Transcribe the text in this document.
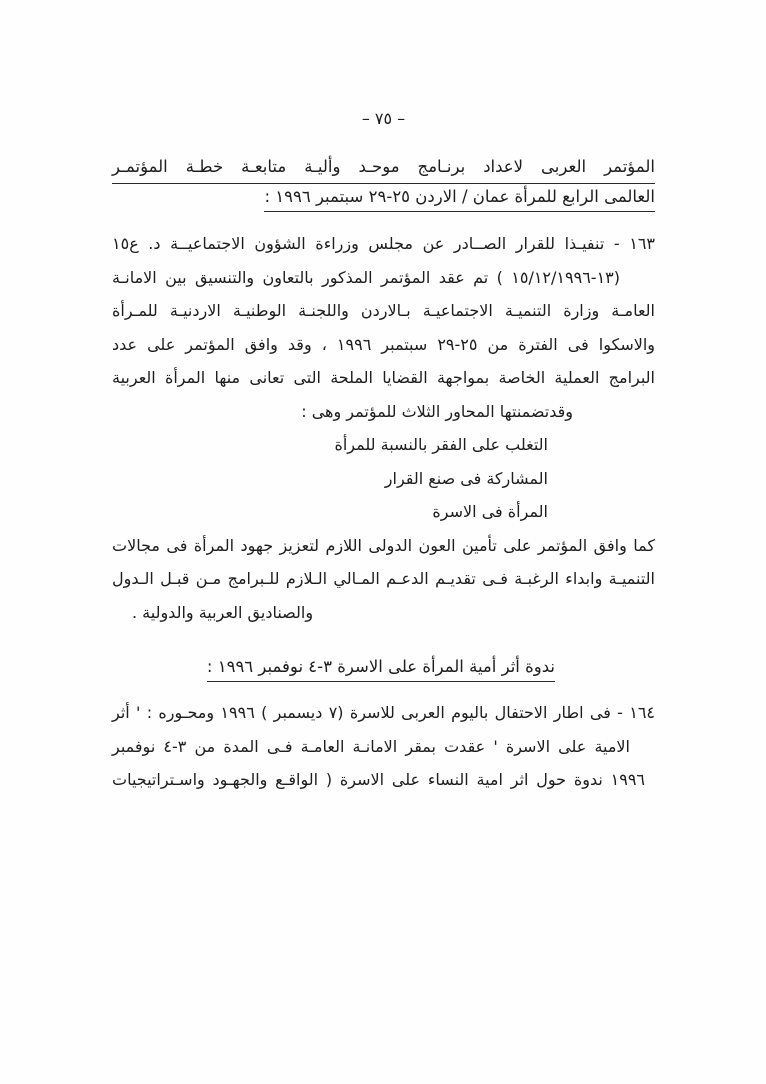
– ٧٥ –
المؤتمر العربى لاعداد برنـامج موحـد وأليـة متابعـة خطـة المؤتمـر
العالمى الرابع للمرأة عمان / الاردن ٢٥-٢٩ سبتمبر ١٩٩٦ :
١٦٣ - تنفيـذا للقرار الصــادر عن مجلس وزراءة الشؤون الاجتماعيــة د. ع١٥
(١٣-١٥/١٢/١٩٩٦ ) تم عقد المؤتمر المذكور بالتعاون والتنسيق بين الامانـة
العامـة وزارة التنميـة الاجتماعيـة بـالاردن واللجنـة الوطنيـة الاردنيـة للمـرأة
والاسكوا فى الفترة من ٢٥-٢٩ سبتمبر ١٩٩٦ ، وقد وافق المؤتمر على عدد
البرامج العملية الخاصة بمواجهة القضايا الملحة التى تعانى منها المرأة العربية
وقدتضمنتها المحاور الثلاث للمؤتمر وهى :
التغلب على الفقر بالنسبة للمرأة
المشاركة فى صنع القرار
المرأة فى الاسرة
كما وافق المؤتمر على تأمين العون الدولى اللازم لتعزيز جهود المرأة فى مجالات
التنميـة وابداء الرغبـة فـى تقديـم الدعـم المـالي الـلازم للـبرامج مـن قبـل الـدول
والصناديق العربية والدولية .
ندوة أثر أمية المرأة على الاسرة ٣-٤ نوفمبر ١٩٩٦ :
١٦٤ - فى اطار الاحتفال باليوم العربى للاسرة (٧ ديسمبر ) ١٩٩٦ ومحـوره : ' أثر
الامية على الاسرة ' عقدت بمقر الامانـة العامـة فـى المدة من ٣-٤ نوفمبر
١٩٩٦ ندوة حول اثر امية النساء على الاسرة ( الواقـع والجهـود واسـتراتيجيات
